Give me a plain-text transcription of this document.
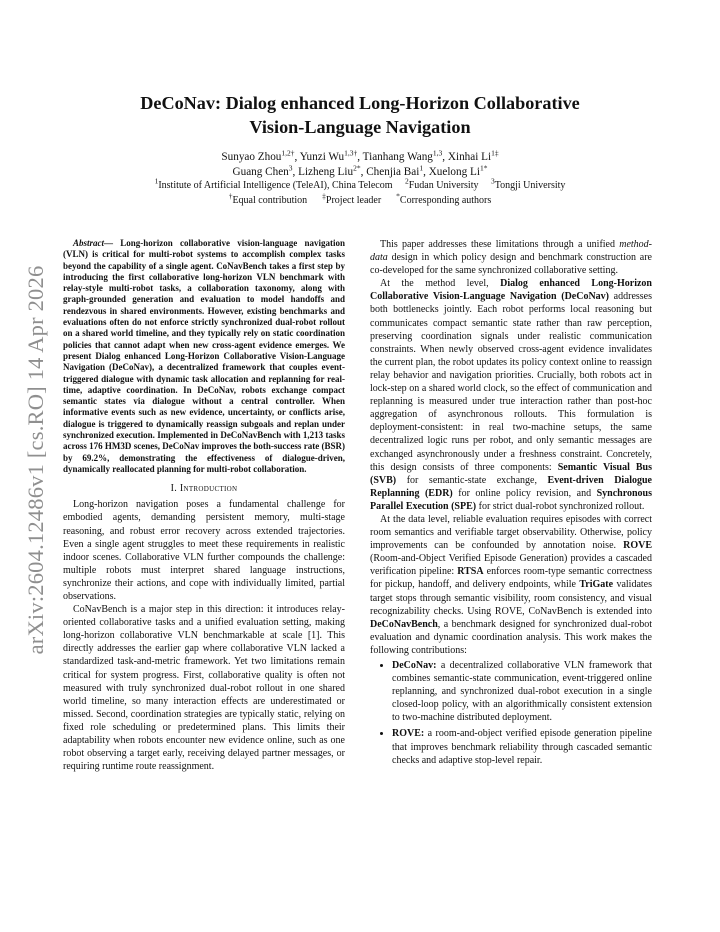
arXiv:2604.12486v1 [cs.RO] 14 Apr 2026
DeCoNav: Dialog enhanced Long-Horizon Collaborative
Vision-Language Navigation
Sunyao Zhou$^{1,2\dagger}$, Yunzi $Wu^{1,3\dagger}$, Tianhang Wang$^{1,3}$, Xinhai $Li^{1\ddagger}$
Guang Chen$^3$, Lizheng Liu$^{2*}$, Chenjia Bai$^1$, Xuelong $Li^{1*}$
$^1$Institute of Artificial Intelligence (TeleAI), China Telecom $^2$Fudan University $^3$Tongji University
†Equal contribution ‡Project leader *Corresponding authors

Abstract— Long-horizon collaborative vision-language navigation (VLN) is critical for multi-robot systems to accomplish complex tasks beyond the capability of a single agent. CoNavBench takes a first step by introducing the first collaborative long-horizon VLN benchmark with relay-style multi-robot tasks, a collaboration taxonomy, along with graph-grounded generation and evaluation to model handoffs and rendezvous in shared environments. However, existing benchmarks and evaluations often do not enforce strictly synchronized dual-robot rollout on a shared world timeline, and they typically rely on static coordination policies that cannot adapt when new cross-agent evidence emerges. We present Dialog enhanced Long-Horizon Collaborative Vision-Language Navigation (DeCoNav), a decentralized framework that couples event-triggered dialogue with dynamic task allocation and replanning for real-time, adaptive coordination. In DeCoNav, robots exchange compact semantic states via dialogue without a central controller. When informative events such as new evidence, uncertainty, or conflicts arise, dialogue is triggered to dynamically reassign subgoals and replan under synchronized execution. Implemented in DeCoNavBench with 1,213 tasks across 176 HM3D scenes, DeCoNav improves the both-success rate (BSR) by 69.2%, demonstrating the effectiveness of dialogue-driven, dynamically reallocated planning for multi-robot collaboration.

I. Introduction

Long-horizon navigation poses a fundamental challenge for embodied agents, demanding persistent memory, multi-stage reasoning, and robust error recovery across extended trajectories. Even a single agent struggles to meet these requirements in realistic indoor scenes. Collaborative VLN further compounds the challenge: multiple robots must interpret shared language instructions, synchronize their actions, and cope with individually limited, partial observations.

CoNavBench is a major step in this direction: it introduces relay-oriented collaborative tasks and a unified evaluation setting, making long-horizon collaborative VLN benchmarkable at scale [1]. This directly addresses the earlier gap where collaborative VLN lacked a standardized task-and-metric framework. Yet two limitations remain critical for system progress. First, collaborative quality is often not measured with truly synchronized dual-robot rollout in one shared world timeline, so many interaction effects are underestimated or missed. Second, coordination strategies are typically static, relying on fixed role scheduling or predetermined plans. This limits their adaptability when robots encounter new evidence online, such as one robot observing a target early, receiving delayed partner messages, or requiring runtime route reassignment.

This paper addresses these limitations through a unified method-data design in which policy design and benchmark construction are co-developed for the same synchronized collaborative setting.

At the method level, Dialog enhanced Long-Horizon Collaborative Vision-Language Navigation (DeCoNav) addresses both bottlenecks jointly. Each robot performs local reasoning but communicates compact semantic state rather than raw perception, preserving coordination signals under realistic communication constraints. When newly observed cross-agent evidence invalidates the current plan, the robot updates its policy context online to reassign relay behavior and navigation priorities. Crucially, both robots act in lock-step on a shared world clock, so the effect of communication and replanning is measured under true interaction rather than post-hoc aggregation of asynchronous rollouts. This formulation is deployment-consistent: in real two-machine setups, the same decentralized logic runs per robot, and only semantic messages are exchanged asynchronously under a freshness constraint. Concretely, this design consists of three components: Semantic Visual Bus (SVB) for semantic-state exchange, Event-driven Dialogue Replanning (EDR) for online policy revision, and Synchronous Parallel Execution (SPE) for strict dual-robot synchronized rollout.

At the data level, reliable evaluation requires episodes with correct room semantics and verifiable target observability. Otherwise, policy improvements can be confounded by annotation noise. ROVE (Room-and-Object Verified Episode Generation) provides a cascaded verification pipeline: RTSA enforces room-type semantic correctness for pickup, handoff, and delivery endpoints, while TriGate validates target stops through semantic visibility, room consistency, and visual recognizability checks. Using ROVE, CoNavBench is extended into DeCoNavBench, a benchmark designed for synchronized dual-robot evaluation and dynamic coordination analysis. This work makes the following contributions:

• DeCoNav: a decentralized collaborative VLN framework that combines semantic-state communication, event-triggered online replanning, and synchronized dual-robot execution in a single closed-loop policy, with an algorithmically consistent extension to two-machine distributed deployment.
• ROVE: a room-and-object verified episode generation pipeline that improves benchmark reliability through cascaded semantic checks and adaptive stop-level repair.
